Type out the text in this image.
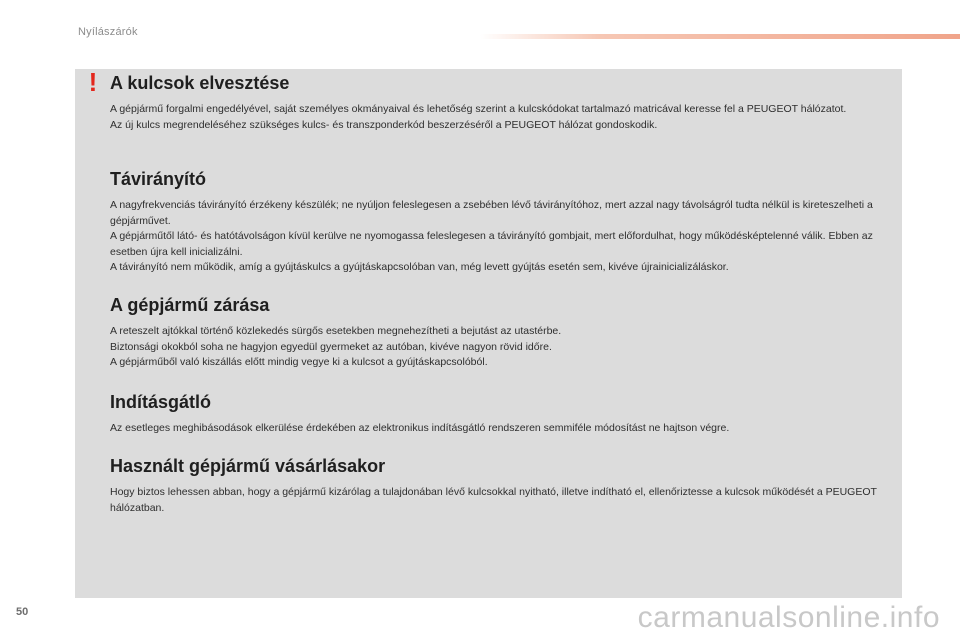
Nyílászárók
! A kulcsok elvesztése

A gépjármű forgalmi engedélyével, saját személyes okmányaival és lehetőség szerint a kulcskódokat tartalmazó matricával keresse fel a PEUGEOT hálózatot.

Az új kulcs megrendeléséhez szükséges kulcs- és transzponderkód beszerzéséről a PEUGEOT hálózat gondoskodik.

Távirányító

A nagyfrekvenciás távirányító érzékeny készülék; ne nyúljon feleslegesen a zsebében lévő távirányítóhoz, mert azzal nagy távolságról tudta nélkül is kireteszelheti a gépjárművet.

A gépjárműtől látó- és hatótávolságon kívül kerülve ne nyomogassa feleslegesen a távirányító gombjait, mert előfordulhat, hogy működésképtelenné válik. Ebben az esetben újra kell inicializálni.

A távirányító nem működik, amíg a gyújtáskulcs a gyújtáskapcsolóban van, még levett gyújtás esetén sem, kivéve újrainicializáláskor.

A gépjármű zárása

A reteszelt ajtókkal történő közlekedés sürgős esetekben megnehezítheti a bejutást az utastérbe.

Biztonsági okokból soha ne hagyjon egyedül gyermeket az autóban, kivéve nagyon rövid időre.

A gépjárműből való kiszállás előtt mindig vegye ki a kulcsot a gyújtáskapcsolóból.

Indításgátló

Az esetleges meghibásodások elkerülése érdekében az elektronikus indításgátló rendszeren semmiféle módosítást ne hajtson végre.

Használt gépjármű vásárlásakor

Hogy biztos lehessen abban, hogy a gépjármű kizárólag a tulajdonában lévő kulcsokkal nyitható, illetve indítható el, ellenőriztesse a kulcsok működését a PEUGEOT hálózatban.

50	carmanualsonline.info
